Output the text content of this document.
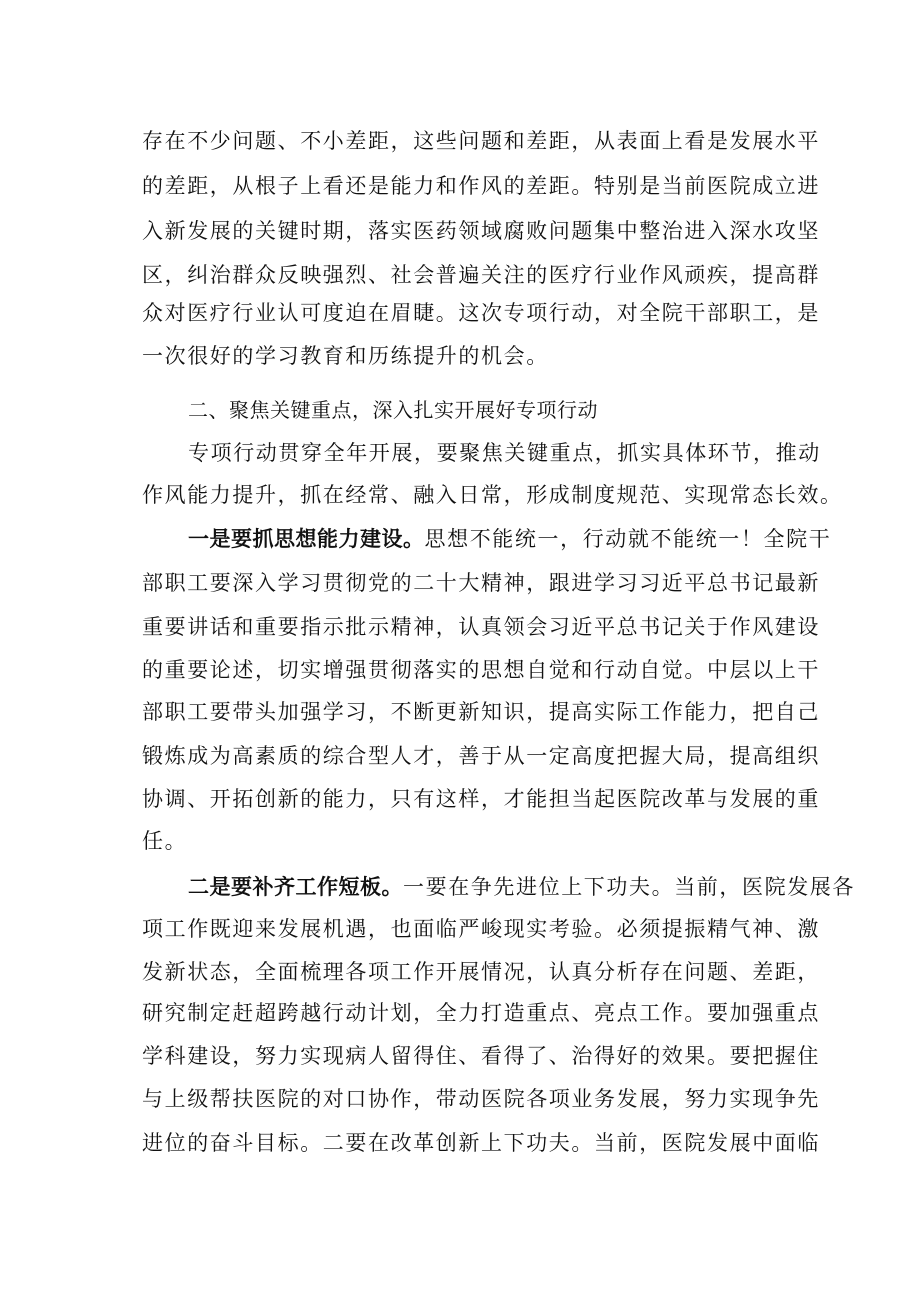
存在不少问题、不小差距，这些问题和差距，从表面上看是发展水平
的差距，从根子上看还是能力和作风的差距。特别是当前医院成立进
入新发展的关键时期，落实医药领域腐败问题集中整治进入深水攻坚
区，纠治群众反映强烈、社会普遍关注的医疗行业作风顽疾，提高群
众对医疗行业认可度迫在眉睫。这次专项行动，对全院干部职工，是
一次很好的学习教育和历练提升的机会。
二、聚焦关键重点，深入扎实开展好专项行动
专项行动贯穿全年开展，要聚焦关键重点，抓实具体环节，推动
作风能力提升，抓在经常、融入日常，形成制度规范、实现常态长效。
一是要抓思想能力建设。思想不能统一，行动就不能统一！全院干
部职工要深入学习贯彻党的二十大精神，跟进学习习近平总书记最新
重要讲话和重要指示批示精神，认真领会习近平总书记关于作风建设
的重要论述，切实增强贯彻落实的思想自觉和行动自觉。中层以上干
部职工要带头加强学习，不断更新知识，提高实际工作能力，把自己
锻炼成为高素质的综合型人才，善于从一定高度把握大局，提高组织
协调、开拓创新的能力，只有这样，才能担当起医院改革与发展的重
任。
二是要补齐工作短板。一要在争先进位上下功夫。当前，医院发展各
项工作既迎来发展机遇，也面临严峻现实考验。必须提振精气神、激
发新状态，全面梳理各项工作开展情况，认真分析存在问题、差距，
研究制定赶超跨越行动计划，全力打造重点、亮点工作。要加强重点
学科建设，努力实现病人留得住、看得了、治得好的效果。要把握住
与上级帮扶医院的对口协作，带动医院各项业务发展，努力实现争先
进位的奋斗目标。二要在改革创新上下功夫。当前，医院发展中面临
